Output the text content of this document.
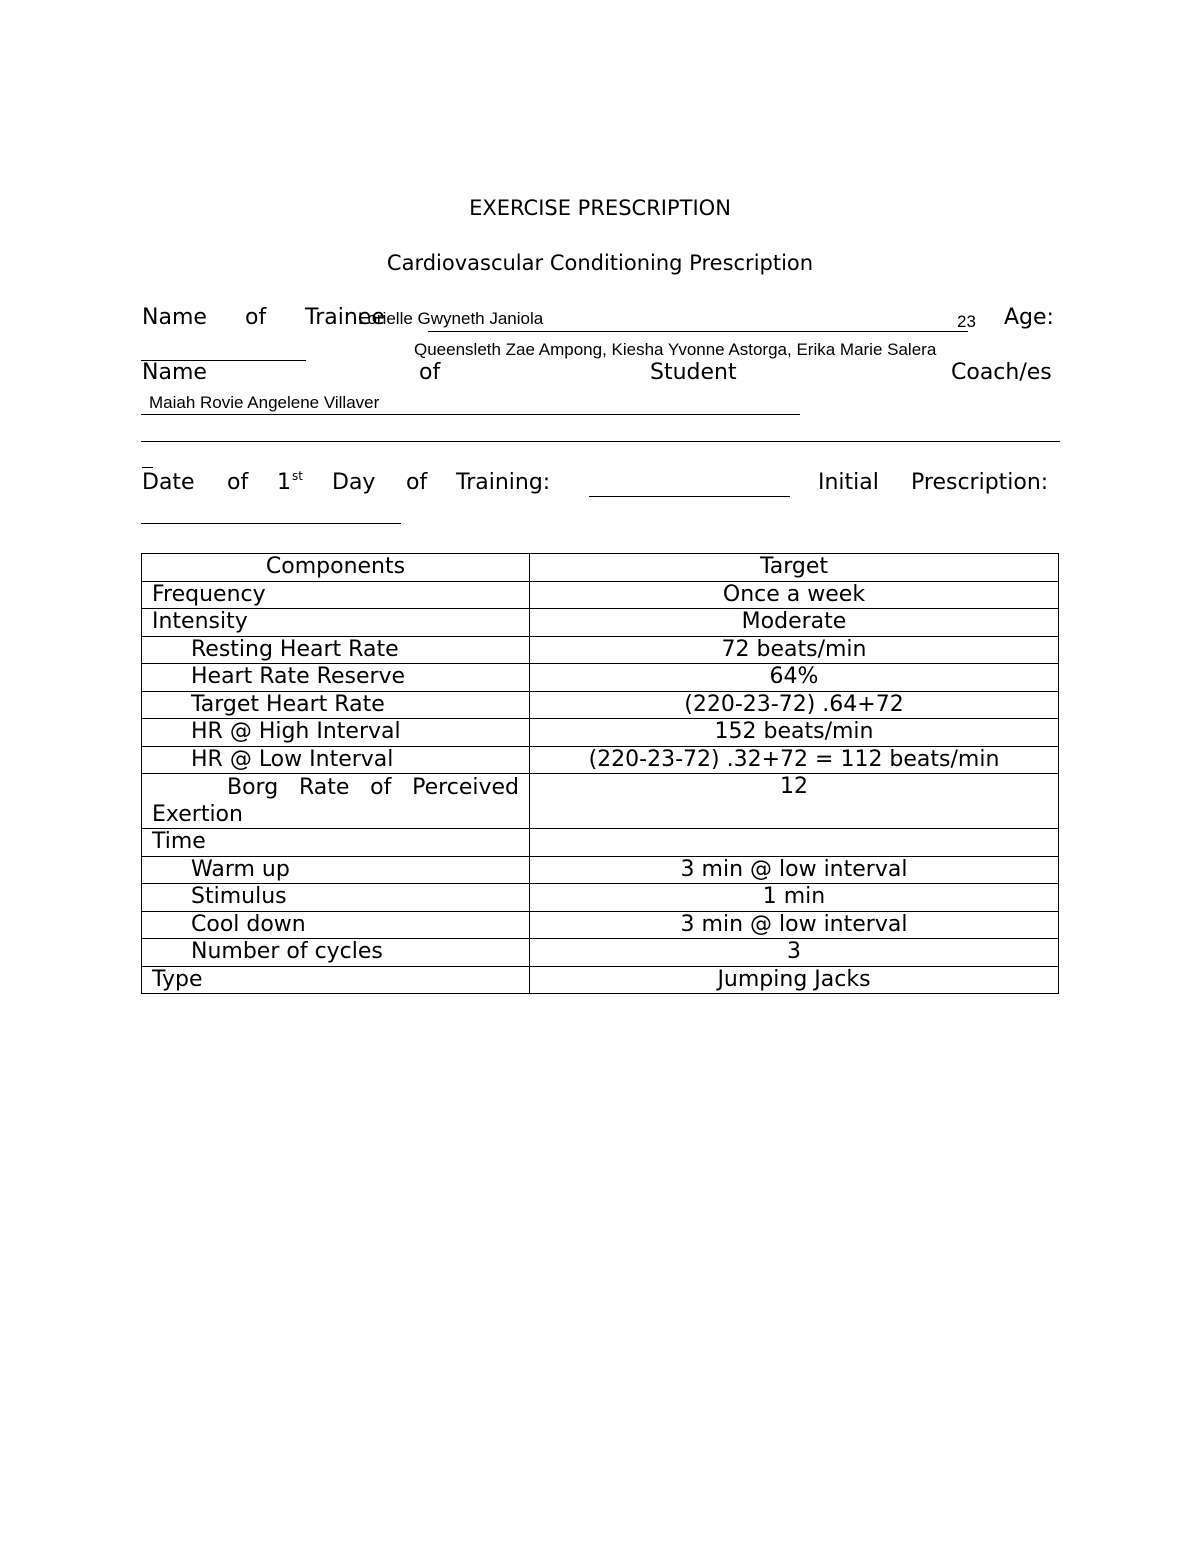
EXERCISE PRESCRIPTION
Cardiovascular Conditioning Prescription
Name of Trainee
Lorielle Gwyneth Janiola	23 Age:
Queensleth Zae Ampong, Kiesha Yvonne Astorga, Erika Marie Salera
Name	of	Student	Coach/es
Maiah Rovie Angelene Villaver
Date of 1st Day of Training:	Initial Prescription:
Components	Target
Frequency	Once a week
Intensity	Moderate
Resting Heart Rate	72 beats/min
Heart Rate Reserve	64%
Target Heart Rate	(220-23-72) .64+72
HR @ High Interval	152 beats/min
HR @ Low Interval	(220-23-72) .32+72 = 112 beats/min

Borg Rate of Perceived
Exertion	12
Time	
Warm up	3 min @ low interval
Stimulus	1 min
Cool down	3 min @ low interval
Number of cycles	3
Type	Jumping Jacks
